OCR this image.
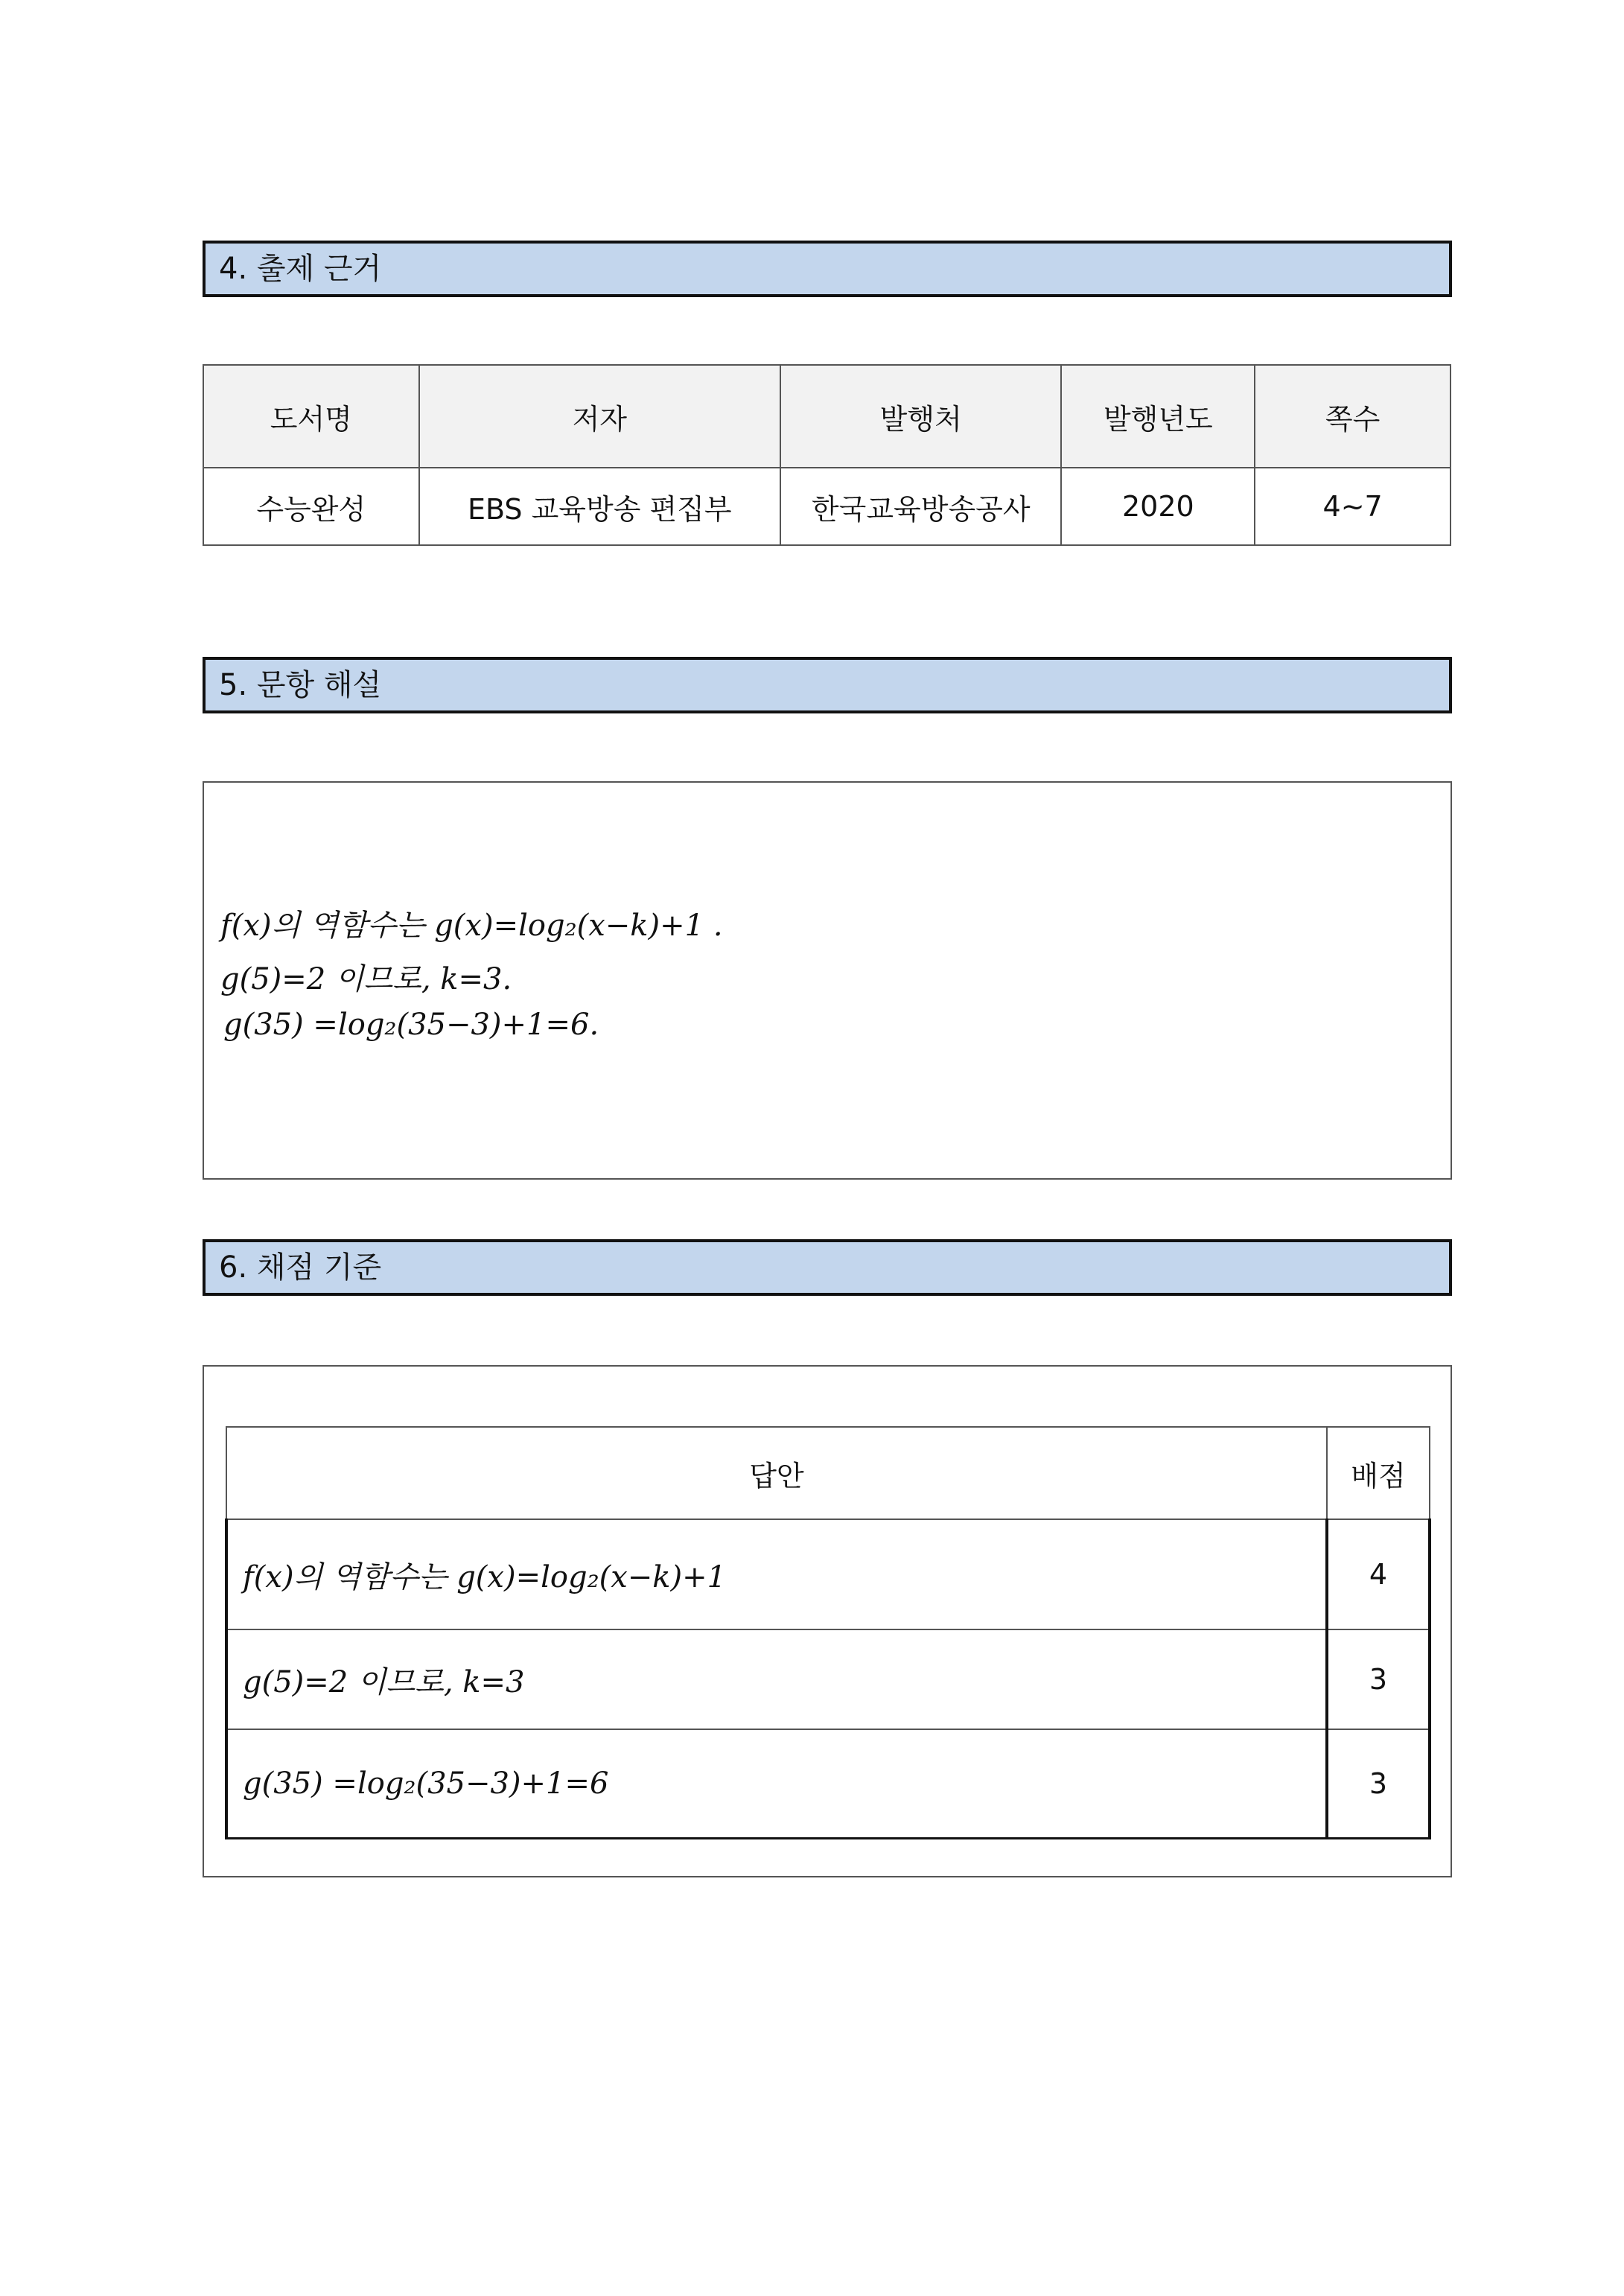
4. 출제 근거
도서명	저자	발행처	발행년도	쪽수
수능완성	EBS 교육방송 편집부	한국교육방송공사	2020	4~7
5. 문항 해설
f(x)의 역함수는 g(x)=log₂(x−k)+1 .
g(5)=2 이므로, k=3.
g(35) =log₂(35−3)+1=6.
6. 채점 기준
답안	배점
f(x)의 역함수는 g(x)=log₂(x−k)+1	4
g(5)=2 이므로, k=3	3
g(35) =log₂(35−3)+1=6	3
